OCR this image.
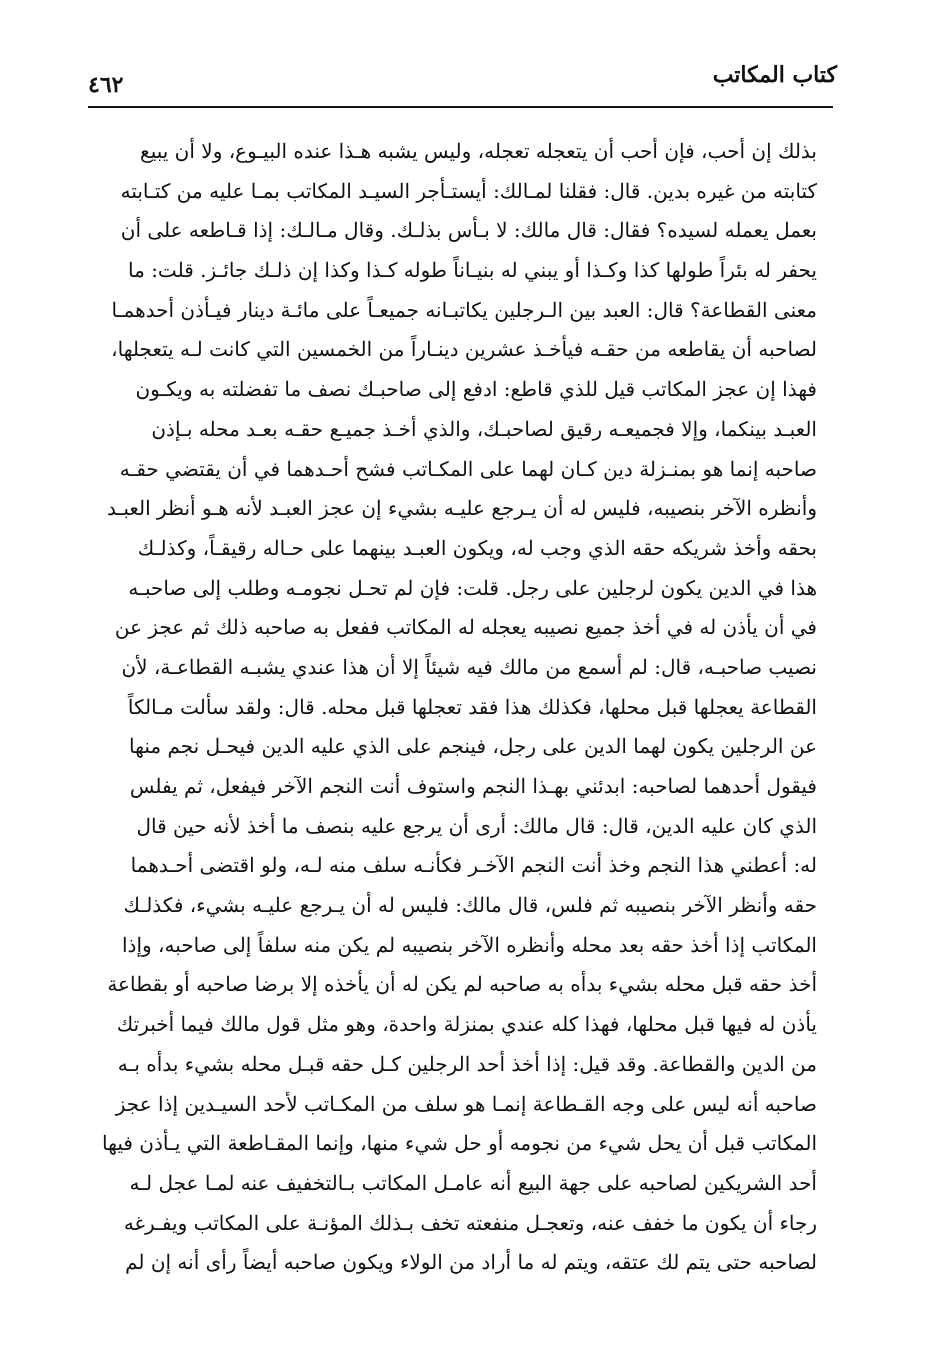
كتاب المكاتب
٤٦٢
بذلك إن أحب، فإن أحب أن يتعجله تعجله، وليس يشبه هـذا عنده البيـوع، ولا أن يبيع
كتابته من غيره بدين. قال: فقلنا لمـالك: أيستـأجر السيـد المكاتب بمـا عليه من كتـابته
بعمل يعمله لسيده؟ فقال: قال مالك: لا بـأس بذلـك. وقال مـالـك: إذا قـاطعه على أن
يحفر له بئراً طولها كذا وكـذا أو يبني له بنيـاناً طوله كـذا وكذا إن ذلـك جائـز. قلت: ما
معنى القطاعة؟ قال: العبد بين الـرجلين يكاتبـانه جميعـاً على مائـة دينار فيـأذن أحدهمـا
لصاحبه أن يقاطعه من حقـه فيأخـذ عشرين دينـاراً من الخمسين التي كانت لـه يتعجلها،
فهذا إن عجز المكاتب قيل للذي قاطع: ادفع إلى صاحبـك نصف ما تفضلته به ويكـون
العبـد بينكما، وإلا فجميعـه رقيق لصاحبـك، والذي أخـذ جميـع حقـه بعـد محله بـإذن
صاحبه إنما هو بمنـزلة دين كـان لهما على المكـاتب فشح أحـدهما في أن يقتضي حقـه
وأنظره الآخر بنصيبه، فليس له أن يـرجع عليـه بشيء إن عجز العبـد لأنه هـو أنظر العبـد
بحقه وأخذ شريكه حقه الذي وجب له، ويكون العبـد بينهما على حـاله رقيقـاً، وكذلـك
هذا في الدين يكون لرجلين على رجل. قلت: فإن لم تحـل نجومـه وطلب إلى صاحبـه
في أن يأذن له في أخذ جميع نصيبه يعجله له المكاتب ففعل به صاحبه ذلك ثم عجز عن
نصيب صاحبـه، قال: لم أسمع من مالك فيه شيئاً إلا أن هذا عندي يشبـه القطاعـة، لأن
القطاعة يعجلها قبل محلها، فكذلك هذا فقد تعجلها قبل محله. قال: ولقد سألت مـالكاً
عن الرجلين يكون لهما الدين على رجل، فينجم على الذي عليه الدين فيحـل نجم منها
فيقول أحدهما لصاحبه: ابدئني بهـذا النجم واستوف أنت النجم الآخر فيفعل، ثم يفلس
الذي كان عليه الدين، قال: قال مالك: أرى أن يرجع عليه بنصف ما أخذ لأنه حين قال
له: أعطني هذا النجم وخذ أنت النجم الآخـر فكأنـه سلف منه لـه، ولو اقتضى أحـدهما
حقه وأنظر الآخر بنصيبه ثم فلس، قال مالك: فليس له أن يـرجع عليـه بشيء، فكذلـك
المكاتب إذا أخذ حقه بعد محله وأنظره الآخر بنصيبه لم يكن منه سلفاً إلى صاحبه، وإذا
أخذ حقه قبل محله بشيء بدأه به صاحبه لم يكن له أن يأخذه إلا برضا صاحبه أو بقطاعة
يأذن له فيها قبل محلها، فهذا كله عندي بمنزلة واحدة، وهو مثل قول مالك فيما أخبرتك
من الدين والقطاعة. وقد قيل: إذا أخذ أحد الرجلين كـل حقه قبـل محله بشيء بدأه بـه
صاحبه أنه ليس على وجه القـطاعة إنمـا هو سلف من المكـاتب لأحد السيـدين إذا عجز
المكاتب قبل أن يحل شيء من نجومه أو حل شيء منها، وإنما المقـاطعة التي يـأذن فيها
أحد الشريكين لصاحبه على جهة البيع أنه عامـل المكاتب بـالتخفيف عنه لمـا عجل لـه
رجاء أن يكون ما خفف عنه، وتعجـل منفعته تخف بـذلك المؤنـة على المكاتب ويفـرغه
لصاحبه حتى يتم لك عتقه، ويتم له ما أراد من الولاء ويكون صاحبه أيضاً رأى أنه إن لم
